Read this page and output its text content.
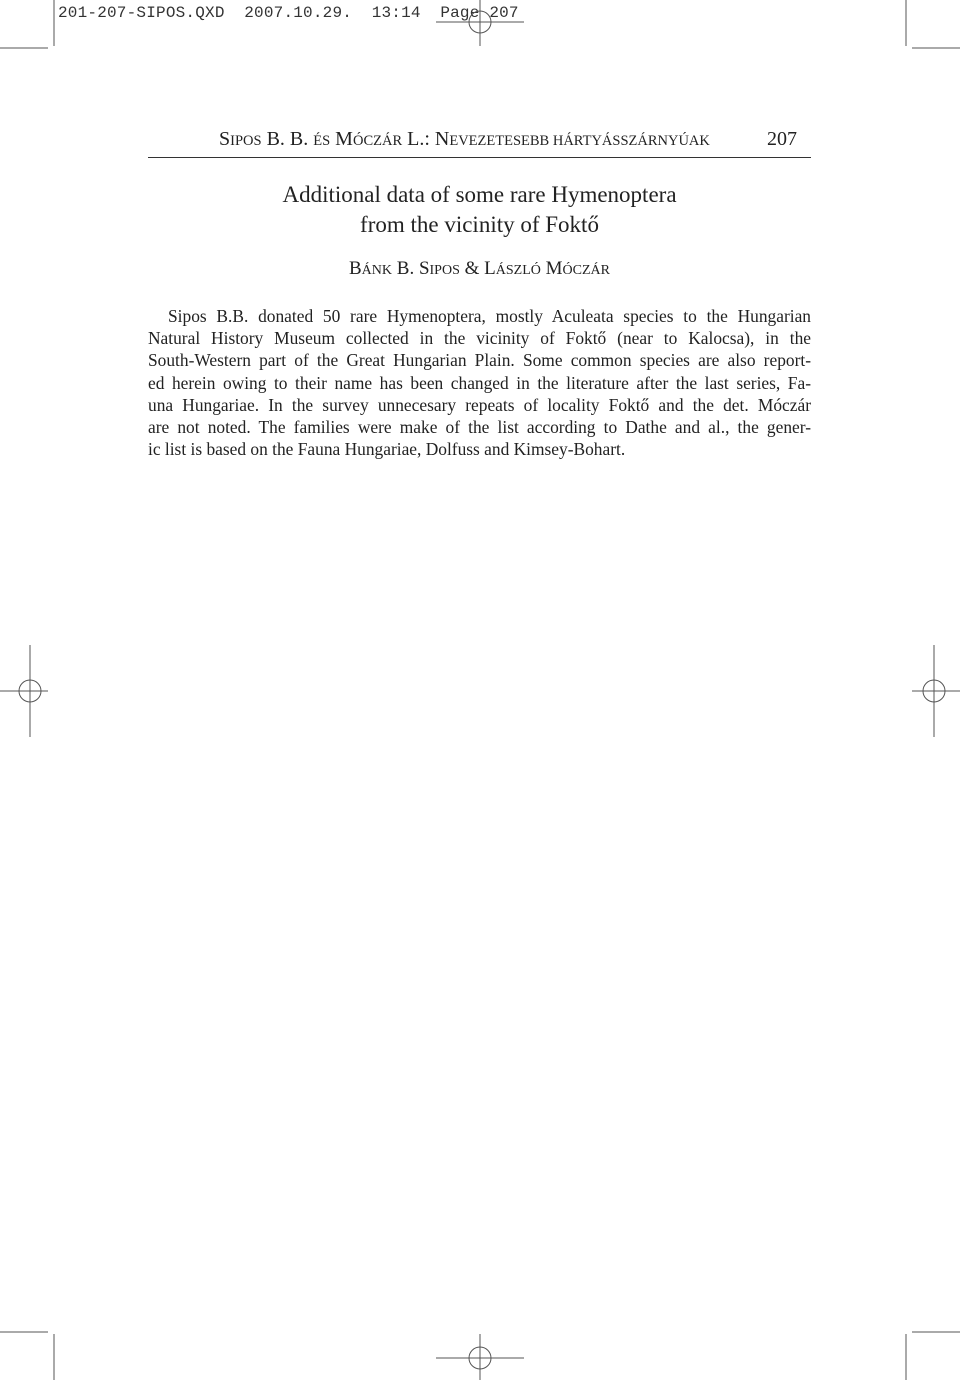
201-207-SIPOS.QXD 2007.10.29. 13:14 Page 207
SIPOS B. B. ÉS MÓCZÁR L.: NEVEZETESEBB HÁRTYÁSSZÁRNYÚAK	207
Additional data of some rare Hymenoptera
from the vicinity of Foktő
BÁNK B. SIPOS & LÁSZLÓ MÓCZÁR
Sipos B.B. donated 50 rare Hymenoptera, mostly Aculeata species to the Hungarian
Natural History Museum collected in the vicinity of Foktő (near to Kalocsa), in the
South-Western part of the Great Hungarian Plain. Some common species are also report-
ed herein owing to their name has been changed in the literature after the last series, Fa-
una Hungariae. In the survey unnecesary repeats of locality Foktő and the det. Móczár
are not noted. The families were make of the list according to Dathe and al., the gener-
ic list is based on the Fauna Hungariae, Dolfuss and Kimsey-Bohart.
